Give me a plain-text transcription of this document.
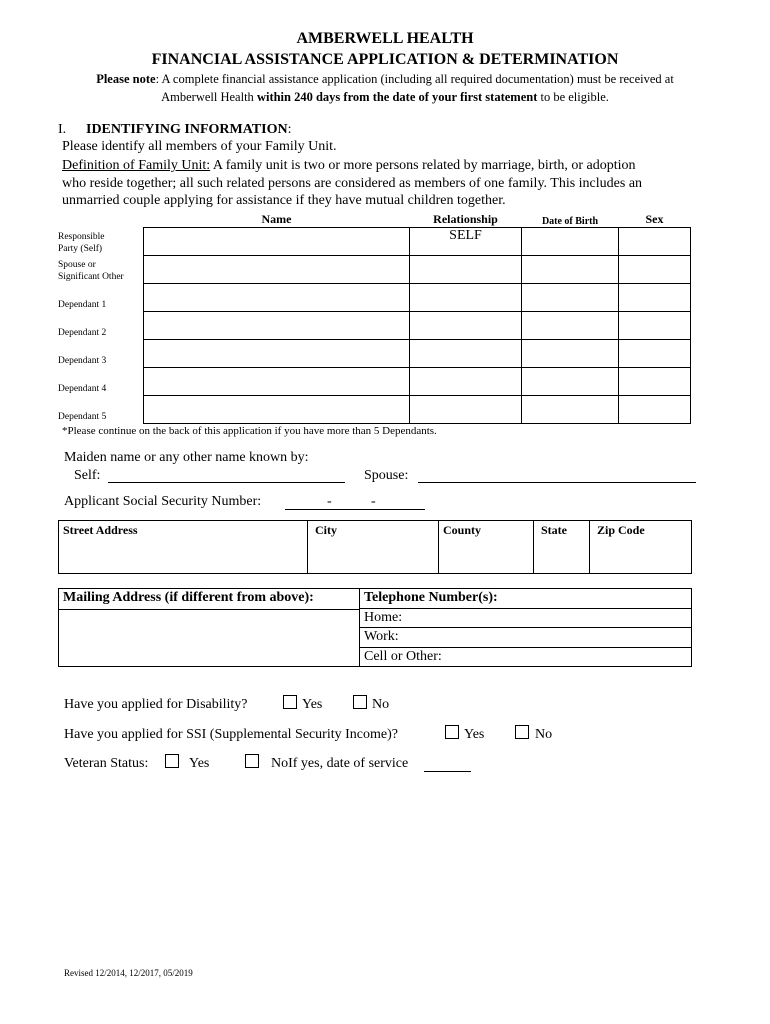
AMBERWELL HEALTH
FINANCIAL ASSISTANCE APPLICATION & DETERMINATION
Please note: A complete financial assistance application (including all required documentation) must be received at
Amberwell Health within 240 days from the date of your first statement to be eligible.
I. IDENTIFYING INFORMATION:
Please identify all members of your Family Unit.
Definition of Family Unit: A family unit is two or more persons related by marriage, birth, or adoption
who reside together; all such related persons are considered as members of one family. This includes an
unmarried couple applying for assistance if they have mutual children together.
	Name	Relationship	Date of Birth	Sex
Responsible
Party (Self)		SELF		
Spouse or
Significant Other				
Dependant 1				
Dependant 2				
Dependant 3				
Dependant 4				
Dependant 5				
*Please continue on the back of this application if you have more than 5 Dependants.
Maiden name or any other name known by:
Self:	Spouse:
Applicant Social Security Number:	-	-
Street Address	City	County	State	Zip Code
Mailing Address (if different from above):	Telephone Number(s):
Home:
Work:
Cell or Other:
Have you applied for Disability?	Yes	No
Have you applied for SSI (Supplemental Security Income)?	Yes	No
Veteran Status:	Yes	NoIf yes, date of service
Revised 12/2014, 12/2017, 05/2019
